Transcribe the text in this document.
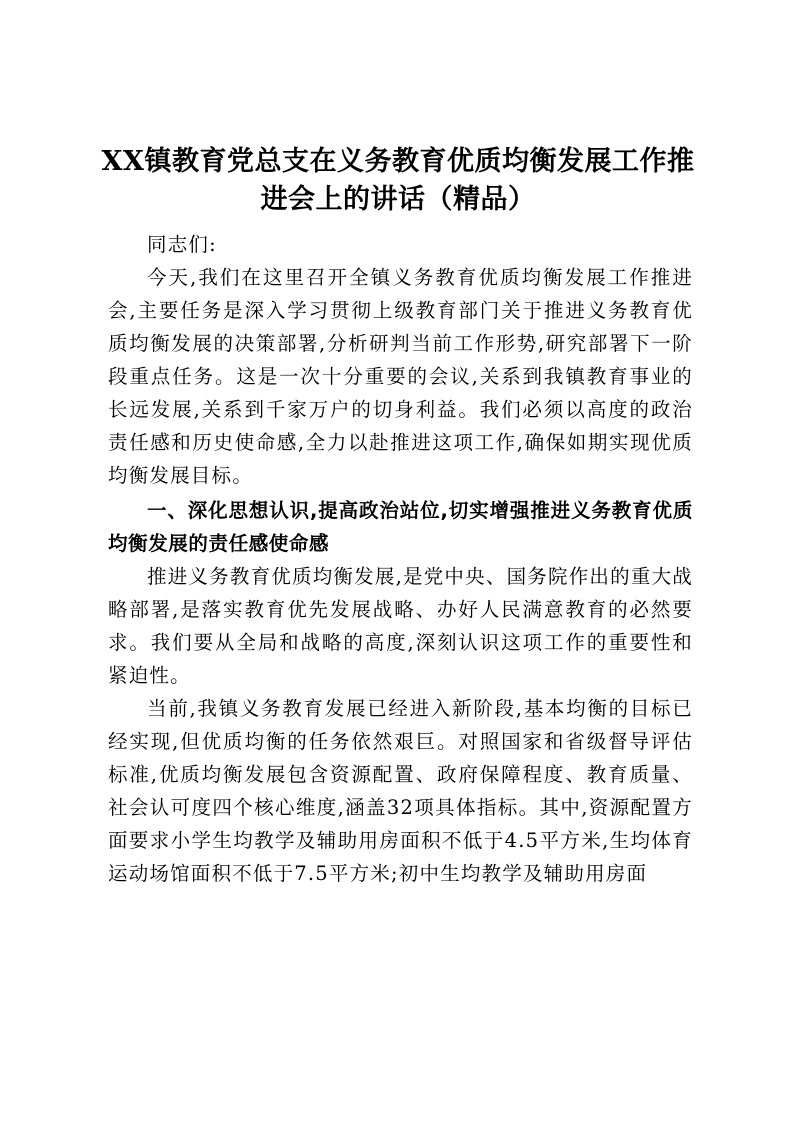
XX镇教育党总支在义务教育优质均衡发展工作推进会上的讲话（精品）

同志们:

今天,我们在这里召开全镇义务教育优质均衡发展工作推进会,主要任务是深入学习贯彻上级教育部门关于推进义务教育优质均衡发展的决策部署,分析研判当前工作形势,研究部署下一阶段重点任务。这是一次十分重要的会议,关系到我镇教育事业的长远发展,关系到千家万户的切身利益。我们必须以高度的政治责任感和历史使命感,全力以赴推进这项工作,确保如期实现优质均衡发展目标。

一、深化思想认识,提高政治站位,切实增强推进义务教育优质均衡发展的责任感使命感

推进义务教育优质均衡发展,是党中央、国务院作出的重大战略部署,是落实教育优先发展战略、办好人民满意教育的必然要求。我们要从全局和战略的高度,深刻认识这项工作的重要性和紧迫性。

当前,我镇义务教育发展已经进入新阶段,基本均衡的目标已经实现,但优质均衡的任务依然艰巨。对照国家和省级督导评估标准,优质均衡发展包含资源配置、政府保障程度、教育质量、社会认可度四个核心维度,涵盖32项具体指标。其中,资源配置方面要求小学生均教学及辅助用房面积不低于4.5平方米,生均体育运动场馆面积不低于7.5平方米;初中生均教学及辅助用房面
